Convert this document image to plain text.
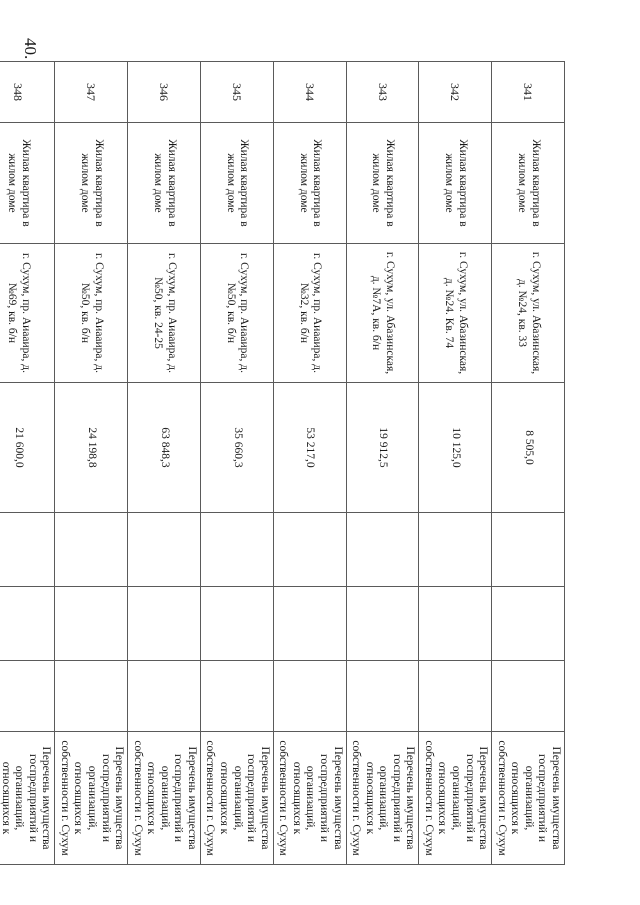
40.
341	Жилая квартира в жилом доме	г. Сухум, ул. Абазинская, д. №24, кв. 33	8 505,0				Перечень имущества госпредприятий и организаций, относящихся к собственности г. Сухум
342	Жилая квартира в жилом доме	г. Сухум, ул. Абазинская, д. №24. Кв. 74	10 125,0				Перечень имущества госпредприятий и организаций, относящихся к собственности г. Сухум
343	Жилая квартира в жилом доме	г. Сухум, ул. Абазинская, д. №7А, кв. б/н	19 912,5				Перечень имущества госпредприятий и организаций, относящихся к собственности г. Сухум
344	Жилая квартира в жилом доме	г. Сухум, пр. Аиааира, д. №32, кв. б/н	53 217,0				Перечень имущества госпредприятий и организаций, относящихся к собственности г. Сухум
345	Жилая квартира в жилом доме	г. Сухум, пр. Аиааира, д. №50, кв. б/н	35 660,3				Перечень имущества госпредприятий и организаций, относящихся к собственности г. Сухум
346	Жилая квартира в жилом доме	г. Сухум, пр. Аиааира, д. №50, кв. 24-25	63 848,3				Перечень имущества госпредприятий и организаций, относящихся к собственности г. Сухум
347	Жилая квартира в жилом доме	г. Сухум, пр. Аиааира, д. №50, кв. б/н	24 198,8				Перечень имущества госпредприятий и организаций, относящихся к собственности г. Сухум
348	Жилая квартира в жилом доме	г. Сухум, пр. Аиааира, д. №69, кв. б/н	21 600,0				Перечень имущества госпредприятий и организаций, относящихся к
